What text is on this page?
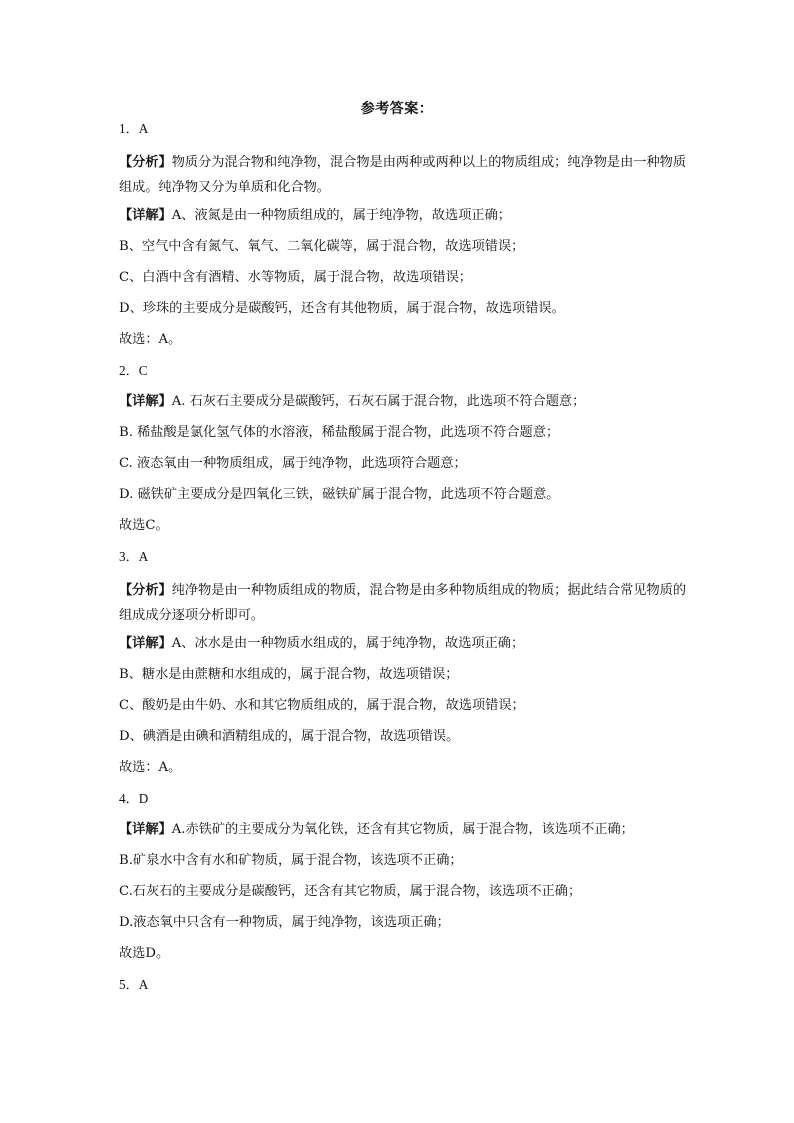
参考答案：
1．A
【分析】物质分为混合物和纯净物，混合物是由两种或两种以上的物质组成；纯净物是由一种物质组成。纯净物又分为单质和化合物。
【详解】A、液氮是由一种物质组成的，属于纯净物，故选项正确；
B、空气中含有氮气、氧气、二氧化碳等，属于混合物，故选项错误；
C、白酒中含有酒精、水等物质，属于混合物，故选项错误；
D、珍珠的主要成分是碳酸钙，还含有其他物质，属于混合物，故选项错误。
故选：A。
2．C
【详解】A. 石灰石主要成分是碳酸钙，石灰石属于混合物，此选项不符合题意；
B. 稀盐酸是氯化氢气体的水溶液，稀盐酸属于混合物，此选项不符合题意；
C. 液态氧由一种物质组成，属于纯净物，此选项符合题意；
D. 磁铁矿主要成分是四氧化三铁，磁铁矿属于混合物，此选项不符合题意。
故选C。
3．A
【分析】纯净物是由一种物质组成的物质，混合物是由多种物质组成的物质；据此结合常见物质的组成成分逐项分析即可。
【详解】A、冰水是由一种物质水组成的，属于纯净物，故选项正确；
B、糖水是由蔗糖和水组成的，属于混合物，故选项错误；
C、酸奶是由牛奶、水和其它物质组成的，属于混合物，故选项错误；
D、碘酒是由碘和酒精组成的，属于混合物，故选项错误。
故选：A。
4．D
【详解】A.赤铁矿的主要成分为氧化铁，还含有其它物质，属于混合物，该选项不正确；
B.矿泉水中含有水和矿物质，属于混合物，该选项不正确；
C.石灰石的主要成分是碳酸钙，还含有其它物质，属于混合物，该选项不正确；
D.液态氧中只含有一种物质，属于纯净物，该选项正确；
故选D。
5．A
